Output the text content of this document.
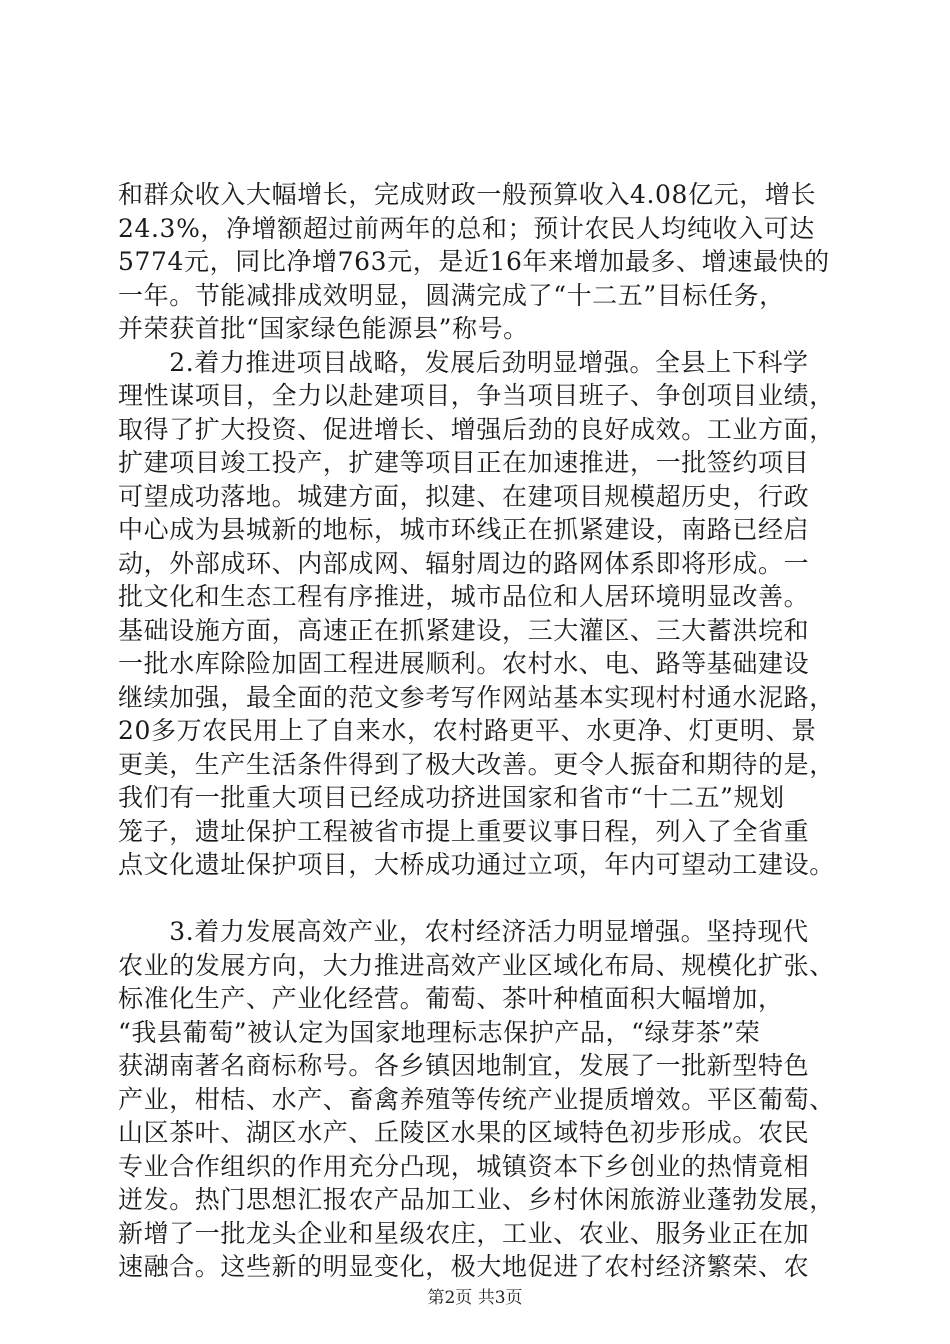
和群众收入大幅增长，完成财政一般预算收入4.08亿元，增长
24.3%，净增额超过前两年的总和；预计农民人均纯收入可达
5774元，同比净增763元，是近16年来增加最多、增速最快的
一年。节能减排成效明显，圆满完成了“十二五”目标任务，
并荣获首批“国家绿色能源县”称号。
　　2.着力推进项目战略，发展后劲明显增强。全县上下科学
理性谋项目，全力以赴建项目，争当项目班子、争创项目业绩，
取得了扩大投资、促进增长、增强后劲的良好成效。工业方面，
扩建项目竣工投产，扩建等项目正在加速推进，一批签约项目
可望成功落地。城建方面，拟建、在建项目规模超历史，行政
中心成为县城新的地标，城市环线正在抓紧建设，南路已经启
动，外部成环、内部成网、辐射周边的路网体系即将形成。一
批文化和生态工程有序推进，城市品位和人居环境明显改善。
基础设施方面，高速正在抓紧建设，三大灌区、三大蓄洪垸和
一批水库除险加固工程进展顺利。农村水、电、路等基础建设
继续加强，最全面的范文参考写作网站基本实现村村通水泥路，
20多万农民用上了自来水，农村路更平、水更净、灯更明、景
更美，生产生活条件得到了极大改善。更令人振奋和期待的是，
我们有一批重大项目已经成功挤进国家和省市“十二五”规划
笼子，遗址保护工程被省市提上重要议事日程，列入了全省重
点文化遗址保护项目，大桥成功通过立项，年内可望动工建设。
　　3.着力发展高效产业，农村经济活力明显增强。坚持现代
农业的发展方向，大力推进高效产业区域化布局、规模化扩张、
标准化生产、产业化经营。葡萄、茶叶种植面积大幅增加，
“我县葡萄”被认定为国家地理标志保护产品，“绿芽茶”荣
获湖南著名商标称号。各乡镇因地制宜，发展了一批新型特色
产业，柑桔、水产、畜禽养殖等传统产业提质增效。平区葡萄、
山区茶叶、湖区水产、丘陵区水果的区域特色初步形成。农民
专业合作组织的作用充分凸现，城镇资本下乡创业的热情竟相
迸发。热门思想汇报农产品加工业、乡村休闲旅游业蓬勃发展，
新增了一批龙头企业和星级农庄，工业、农业、服务业正在加
速融合。这些新的明显变化，极大地促进了农村经济繁荣、农
第2页 共3页
